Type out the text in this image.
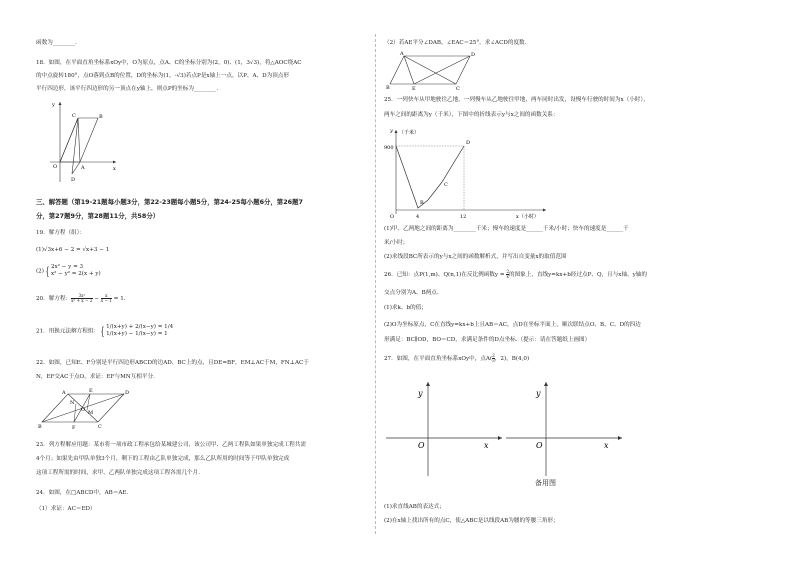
函数为________.
18．如图，在平面直角坐标系xOy中，O为原点，点A、C的坐标分别为(2，0)、(1，3√3)，将△AOC绕AC
的中点旋转180°，点O落到点B的位置，D的坐标为(1，-√3)若点P是x轴上一点，以P、A、D为顶点形
平行四边形，该平行四边形的另一顶点在y轴上，则点P的坐标为________.
y
x
O	A
C	B
D
三、解答题（第19-21题每小题3分，第22-23题每小题5分，第24-25每小题6分，第26题7
分，第27题9分，第28题11分，共58分）
19．解方程（组）：
(1)√3x+6 − 2 = √x+3 − 1
(2){2x² − y = 3
x² − y² = 2(x + y)
20．解方程： $\frac{\text{3x²}}{\text{x² + x − 2}} - \frac{x}{x - 1} = 1$．
21．用换元法解方程组：{1/(x+y) + 2/(x−y) = 1/4
1/(x+y) − 1/(x−y) = 1
22．如图，已知E、F分别是平行四边形ABCD的边AD、BC上的点，且DE=BF，EM⊥AC于M，FN⊥AC于
N，EF交AC于点O，求证：EF与MN互相平分.
A	D
B	C
E
F
M
N
O
23．列方程解应用题：某市将一项市政工程承包给某城建公司，该公司甲、乙两工程队如果单独完成工程共需
4个月；如果先由甲队单独3个月，剩下的工程由乙队单独完成，那么乙队所用的时间等于甲队单独完成
这项工程所需的时间，求甲、乙两队单独完成这项工程各需几个月.
24．如图，在□ABCD中，AB＝AE.
（1）求证：AC＝ED）
（2）若AE平分∠DAB，∠EAC＝25°，求∠ACD的度数.
A	D
B	E	C
25．一列快车从甲地驶往乙地，一列慢车从乙地驶往甲地，两车同时出发，设慢车行驶的时间为x（小时），
两车之间的距离为y（千米），下图中的折线表示y与x之间的函数关系：
y （千米）
900
O	4	12	x（小时）
B
C
D
(1)甲、乙两地之间的距离为________千米；慢车的速度是______千米/小时；快车的速度是______千
米/小时；
(2)求线段BC所表示的y与x之间的函数解析式，并写出自变量x的取值范围
26．已知：点P(1,m)、Q(n,1)在反比例函数$y = \frac{2}{x}$ 的图象上，直线y=kx+b经过点P、Q，且与x轴、y轴的
交点分别为A、B两点.
(1)求k、b的值；
(2)O为坐标原点，C在直线y=kx+b上且AB＝AC，点D在坐标平面上，顺次联结点O、B、C、D的四边
形满足：BC∥OD，BO＝CD，求满足条件的D点坐标.（提示：请在答题纸上画图）
27．如图，在平面直角坐标系xOy中，点$A( \frac{2}{3}$ ，2)，B(4,0)
y
O	x
y
O	x
备用图
(1)求直线AB的表达式；
(2)在x轴上找出所有的点C，使△ABC是以线段AB为腰的等腰三角形；
